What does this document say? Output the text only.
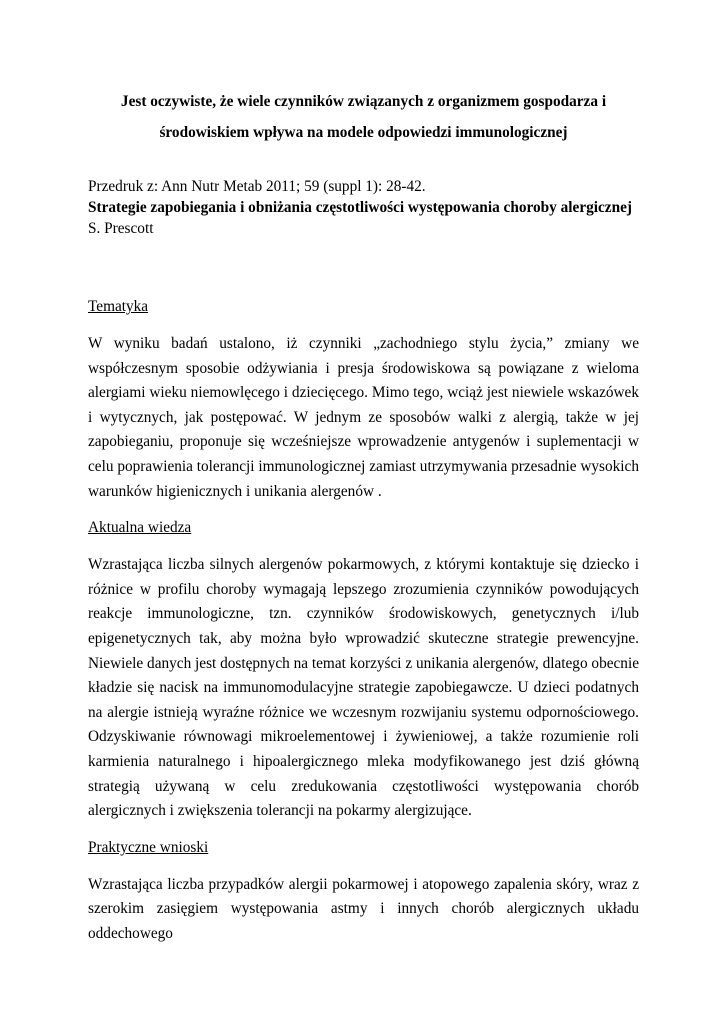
Jest oczywiste, że wiele czynników związanych z organizmem gospodarza i
środowiskiem wpływa na modele odpowiedzi immunologicznej
Przedruk z: Ann Nutr Metab 2011; 59 (suppl 1): 28-42.
Strategie zapobiegania i obniżania częstotliwości występowania choroby alergicznej
S. Prescott
Tematyka

W wyniku badań ustalono, iż czynniki „zachodniego stylu życia,” zmiany we współczesnym sposobie odżywiania i presja środowiskowa są powiązane z wieloma alergiami wieku niemowlęcego i dziecięcego. Mimo tego, wciąż jest niewiele wskazówek i wytycznych, jak postępować. W jednym ze sposobów walki z alergią, także w jej zapobieganiu, proponuje się wcześniejsze wprowadzenie antygenów i suplementacji w celu poprawienia tolerancji immunologicznej zamiast utrzymywania przesadnie wysokich warunków higienicznych i unikania alergenów .

Aktualna wiedza

Wzrastająca liczba silnych alergenów pokarmowych, z którymi kontaktuje się dziecko i różnice w profilu choroby wymagają lepszego zrozumienia czynników powodujących reakcje immunologiczne, tzn. czynników środowiskowych, genetycznych i/lub epigenetycznych tak, aby można było wprowadzić skuteczne strategie prewencyjne. Niewiele danych jest dostępnych na temat korzyści z unikania alergenów, dlatego obecnie kładzie się nacisk na immunomodulacyjne strategie zapobiegawcze. U dzieci podatnych na alergie istnieją wyraźne różnice we wczesnym rozwijaniu systemu odpornościowego. Odzyskiwanie równowagi mikroelementowej i żywieniowej, a także rozumienie roli karmienia naturalnego i hipoalergicznego mleka modyfikowanego jest dziś główną strategią używaną w celu zredukowania częstotliwości występowania chorób alergicznych i zwiększenia tolerancji na pokarmy alergizujące.

Praktyczne wnioski

Wzrastająca liczba przypadków alergii pokarmowej i atopowego zapalenia skóry, wraz z szerokim zasięgiem występowania astmy i innych chorób alergicznych układu oddechowego
